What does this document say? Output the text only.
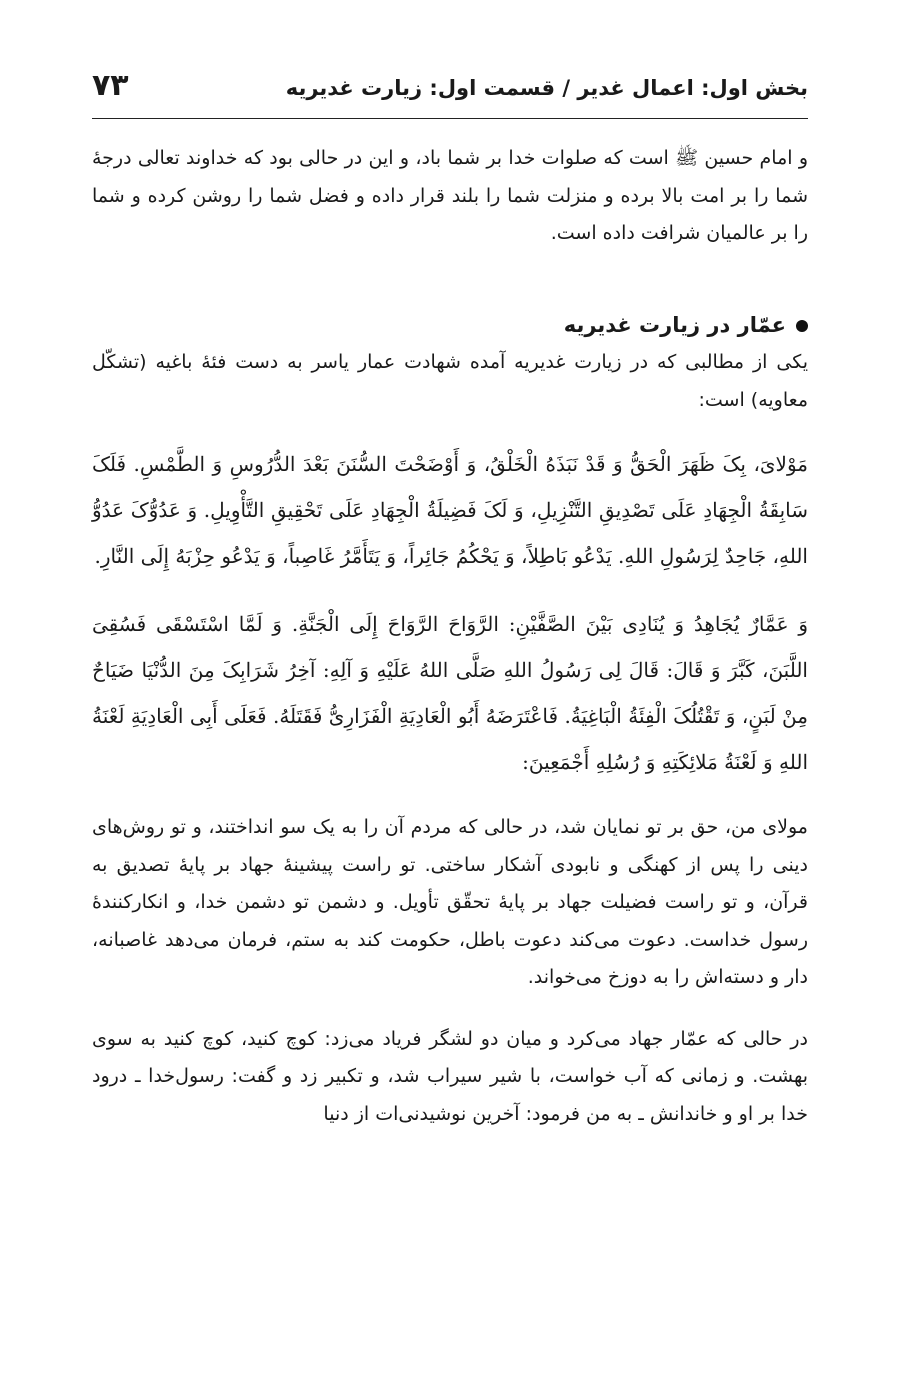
بخش اول: اعمال غدیر / قسمت اول: زیارت غدیریه
۷۳

و امام حسین ﷺ است که صلوات خدا بر شما باد، و این در حالی بود که خداوند تعالی درجهٔ شما را بر امت بالا برده و منزلت شما را بلند قرار داده و فضل شما را روشن کرده و شما را بر عالمیان شرافت داده است.

عمّار در زیارت غدیریه

یکی از مطالبی که در زیارت غدیریه آمده شهادت عمار یاسر به دست فئهٔ باغیه (تشکّل معاویه) است:

مَوْلایَ، بِکَ ظَهَرَ الْحَقُّ وَ قَدْ نَبَذَهُ الْخَلْقُ، وَ أَوْضَحْتَ السُّنَنَ بَعْدَ الدُّرُوسِ وَ الطَّمْسِ. فَلَکَ سَابِقَةُ الْجِهَادِ عَلَی تَصْدِیقِ التَّنْزِیلِ، وَ لَکَ فَضِیلَةُ الْجِهَادِ عَلَی تَحْقِیقِ التَّأْوِیلِ. وَ عَدُوُّکَ عَدُوُّ اللهِ، جَاحِدٌ لِرَسُولِ اللهِ. یَدْعُو بَاطِلاً، وَ یَحْکُمُ جَائِراً، وَ یَتَأَمَّرُ غَاصِباً، وَ یَدْعُو حِزْبَهُ إِلَی النَّارِ.

وَ عَمَّارٌ یُجَاهِدُ وَ یُنَادِی بَیْنَ الصَّفَّیْنِ: الرَّوَاحَ الرَّوَاحَ إِلَی الْجَنَّةِ. وَ لَمَّا اسْتَسْقَی فَسُقِیَ اللَّبَنَ، کَبَّرَ وَ قَالَ: قَالَ لِی رَسُولُ اللهِ صَلَّی اللهُ عَلَیْهِ وَ آلِهِ: آخِرُ شَرَابِکَ مِنَ الدُّنْیَا ضَیَاحٌ مِنْ لَبَنٍ، وَ تَقْتُلُکَ الْفِئَةُ الْبَاغِیَةُ. فَاعْتَرَضَهُ أَبُو الْعَادِیَةِ الْفَزَارِیُّ فَقَتَلَهُ. فَعَلَی أَبِی الْعَادِیَةِ لَعْنَةُ اللهِ وَ لَعْنَةُ مَلائِکَتِهِ وَ رُسُلِهِ أَجْمَعِینَ:

مولای من، حق بر تو نمایان شد، در حالی که مردم آن را به یک سو انداختند، و تو روش‌های دینی را پس از کهنگی و نابودی آشکار ساختی. تو راست پیشینهٔ جهاد بر پایهٔ تصدیق به قرآن، و تو راست فضیلت جهاد بر پایهٔ تحقّق تأویل. و دشمن تو دشمن خدا، و انکارکنندهٔ رسول خداست. دعوت می‌کند دعوت باطل، حکومت کند به ستم، فرمان می‌دهد غاصبانه، دار و دسته‌اش را به دوزخ می‌خواند.

در حالی که عمّار جهاد می‌کرد و میان دو لشگر فریاد می‌زد: کوچ کنید، کوچ کنید به سوی بهشت. و زمانی که آب خواست، با شیر سیراب شد، و تکبیر زد و گفت: رسول‌خدا ـ درود خدا بر او و خاندانش ـ به من فرمود: آخرین نوشیدنی‌ات از دنیا
